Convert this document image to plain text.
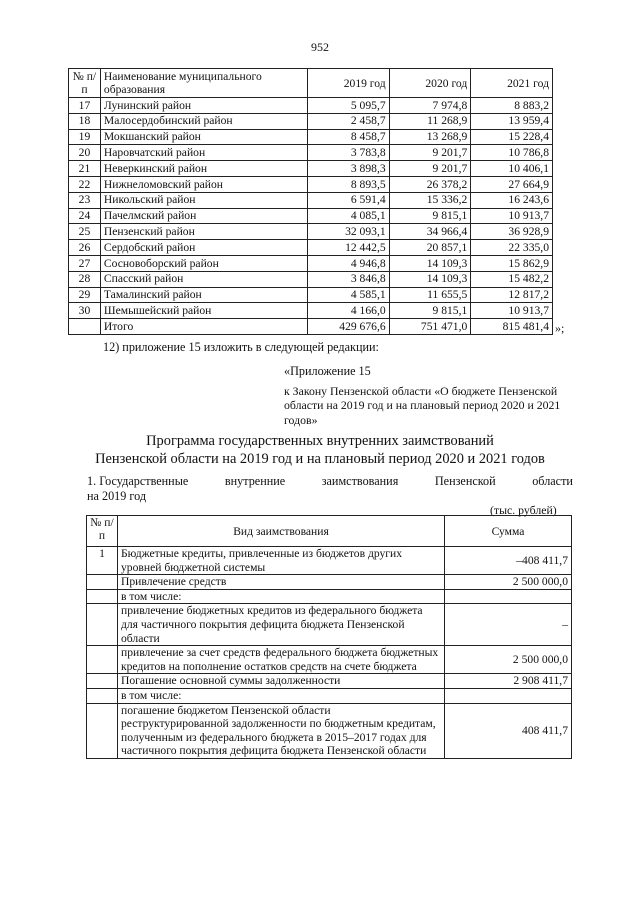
952
№ п/п	Наименование муниципального образования	2019 год	2020 год	2021 год
17	Лунинский район	5 095,7	7 974,8	8 883,2
18	Малосердобинский район	2 458,7	11 268,9	13 959,4
19	Мокшанский район	8 458,7	13 268,9	15 228,4
20	Наровчатский район	3 783,8	9 201,7	10 786,8
21	Неверкинский район	3 898,3	9 201,7	10 406,1
22	Нижнеломовский район	8 893,5	26 378,2	27 664,9
23	Никольский район	6 591,4	15 336,2	16 243,6
24	Пачелмский район	4 085,1	9 815,1	10 913,7
25	Пензенский район	32 093,1	34 966,4	36 928,9
26	Сердобский район	12 442,5	20 857,1	22 335,0
27	Сосновоборский район	4 946,8	14 109,3	15 862,9
28	Спасский район	3 846,8	14 109,3	15 482,2
29	Тамалинский район	4 585,1	11 655,5	12 817,2
30	Шемышейский район	4 166,0	9 815,1	10 913,7
	Итого	429 676,6	751 471,0	815 481,4 »;
12) приложение 15 изложить в следующей редакции:
«Приложение 15
к Закону Пензенской области «О бюджете Пензенской области на 2019 год и на плановый период 2020 и 2021 годов»
Программа государственных внутренних заимствований
Пензенской области на 2019 год и на плановый период 2020 и 2021 годов
1. Государственные	внутренние	заимствования	Пензенской	области
на 2019 год
(тыс. рублей)
№ п/п	Вид заимствования	Сумма
1	Бюджетные кредиты, привлеченные из бюджетов других уровней бюджетной системы	–408 411,7
	Привлечение средств	2 500 000,0
	в том числе:	
	привлечение бюджетных кредитов из федерального бюджета для частичного покрытия дефицита бюджета Пензенской области	–
	привлечение за счет средств федерального бюджета бюджетных кредитов на пополнение остатков средств на счете бюджета	2 500 000,0
	Погашение основной суммы задолженности	2 908 411,7
	в том числе:	
	погашение бюджетом Пензенской области реструктурированной задолженности по бюджетным кредитам, полученным из федерального бюджета в 2015–2017 годах для частичного покрытия дефицита бюджета Пензенской области	408 411,7
